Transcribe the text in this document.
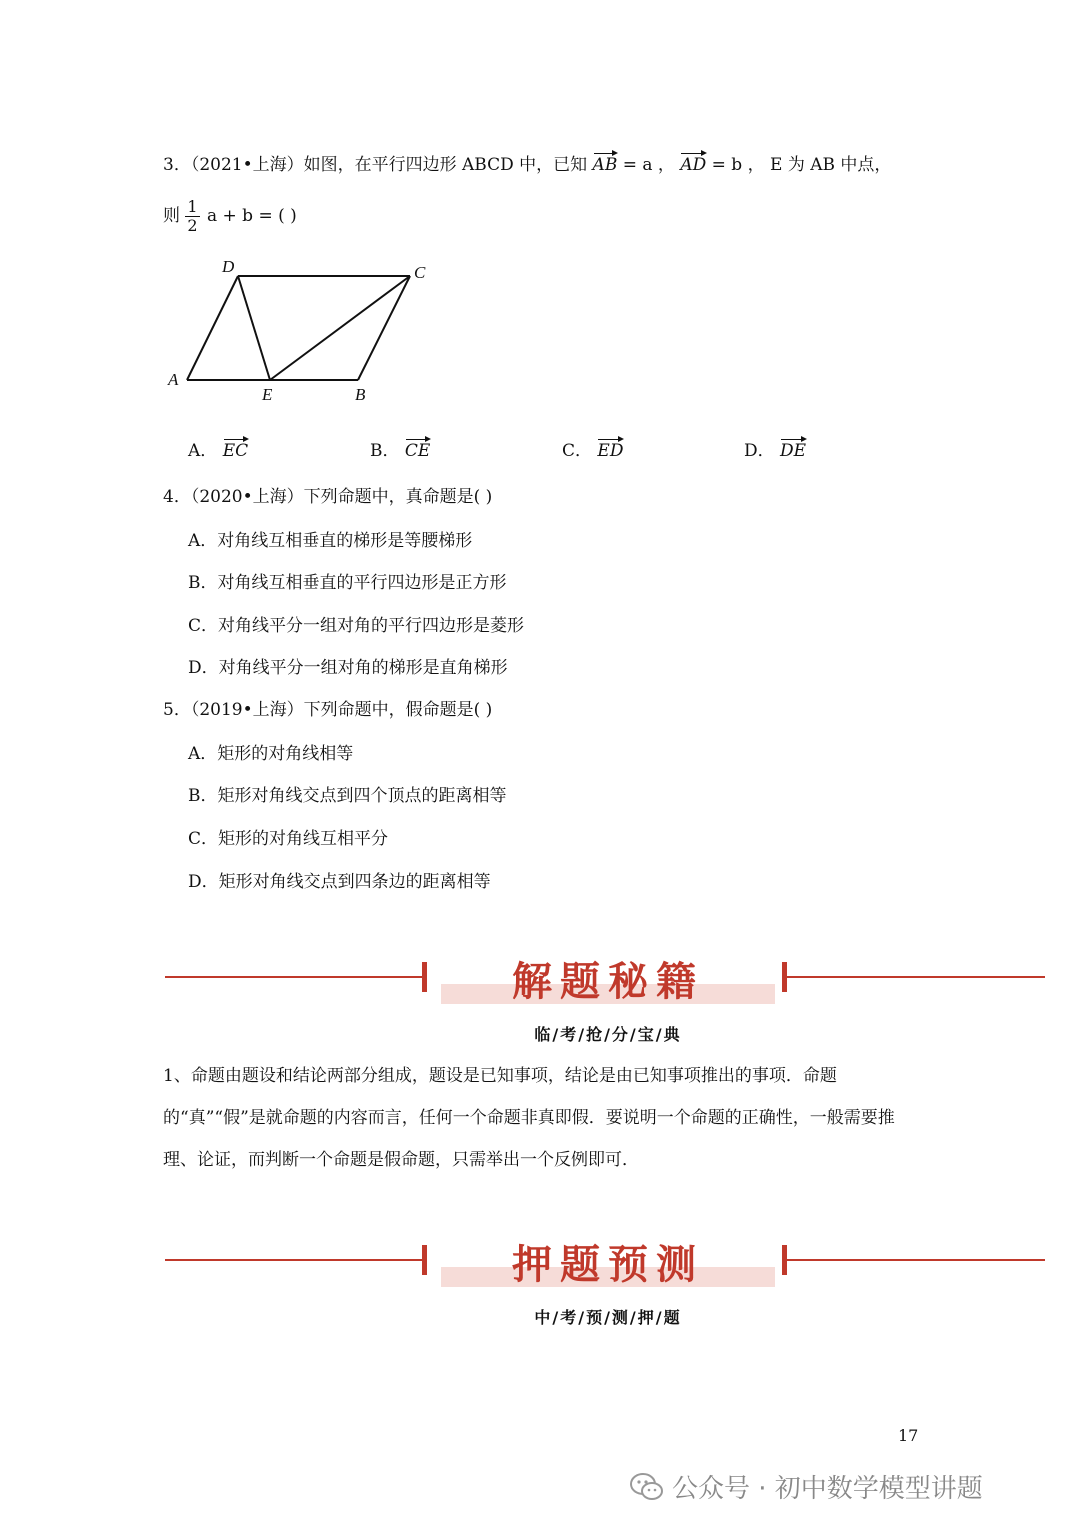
3．（2021•上海）如图，在平行四边形 ABCD 中，已知 AB = a ， AD = b ， E 为 AB 中点，
则 $\frac{1}{2}$ a + b = ( )
A
B
C
D
E
A． EC	B． CE	C． ED	D． DE
4．（2020•上海）下列命题中，真命题是( )
A．对角线互相垂直的梯形是等腰梯形
B．对角线互相垂直的平行四边形是正方形
C．对角线平分一组对角的平行四边形是菱形
D．对角线平分一组对角的梯形是直角梯形
5．（2019•上海）下列命题中，假命题是( )
A．矩形的对角线相等
B．矩形对角线交点到四个顶点的距离相等
C．矩形的对角线互相平分
D．矩形对角线交点到四条边的距离相等
解题秘籍
临/考/抢/分/宝/典
1、命题由题设和结论两部分组成，题设是已知事项，结论是由已知事项推出的事项．命题的“真”“假”是就命题的内容而言，任何一个命题非真即假．要说明一个命题的正确性，一般需要推理、论证，而判断一个命题是假命题，只需举出一个反例即可．
押题预测
中/考/预/测/押/题
17
公众号 · 初中数学模型讲题
